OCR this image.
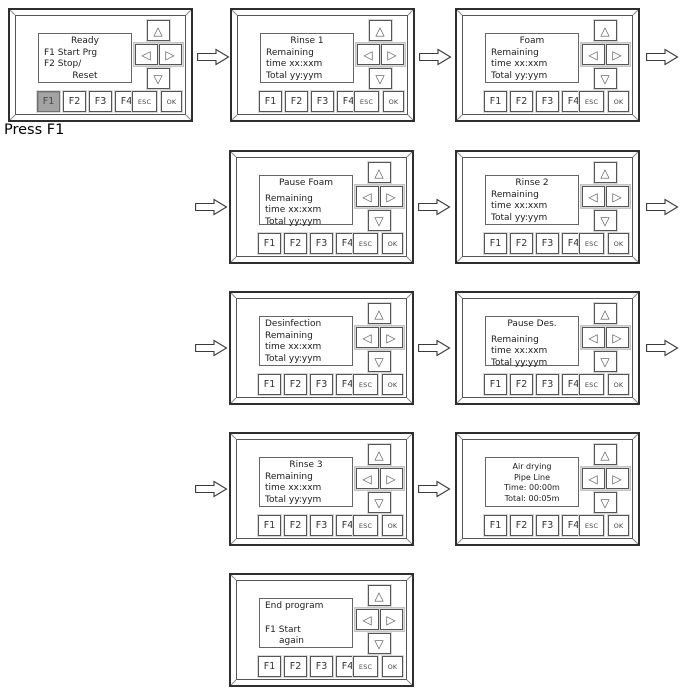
Press F1
Ready
F1 Start Prg
F2 Stop/
Reset
△
◁	▷
▽
F1	F2	F3	F4 ESC	OK
Rinse 1
Remaining
time xx:xxm
Total yy:yym
△
◁	▷
▽
F1	F2	F3	F4 ESC	OK
Foam
Remaining
time xx:xxm
Total yy:yym
△
◁	▷
▽
F1	F2	F3	F4 ESC	OK
Pause Foam
Remaining
time xx:xxm
Total yy:yym
△
◁	▷
▽
F1	F2	F3	F4 ESC	OK
Rinse 2
Remaining
time xx:xxm
Total yy:yym
△
◁	▷
▽
F1	F2	F3	F4 ESC	OK
Desinfection
Remaining
time xx:xxm
Total yy:yym
△
◁	▷
▽
F1	F2	F3	F4 ESC	OK
Pause Des.
Remaining
time xx:xxm
Total yy:yym
△
◁	▷
▽
F1	F2	F3	F4 ESC	OK
Rinse 3
Remaining
time xx:xxm
Total yy:yym
△
◁	▷
▽
F1	F2	F3	F4 ESC	OK
Air drying
Pipe Line
Time: 00:00m
Total: 00:05m
△
◁	▷
▽
F1	F2	F3	F4 ESC	OK
End program
F1 Start
again
△
◁	▷
▽
F1	F2	F3	F4 ESC	OK
